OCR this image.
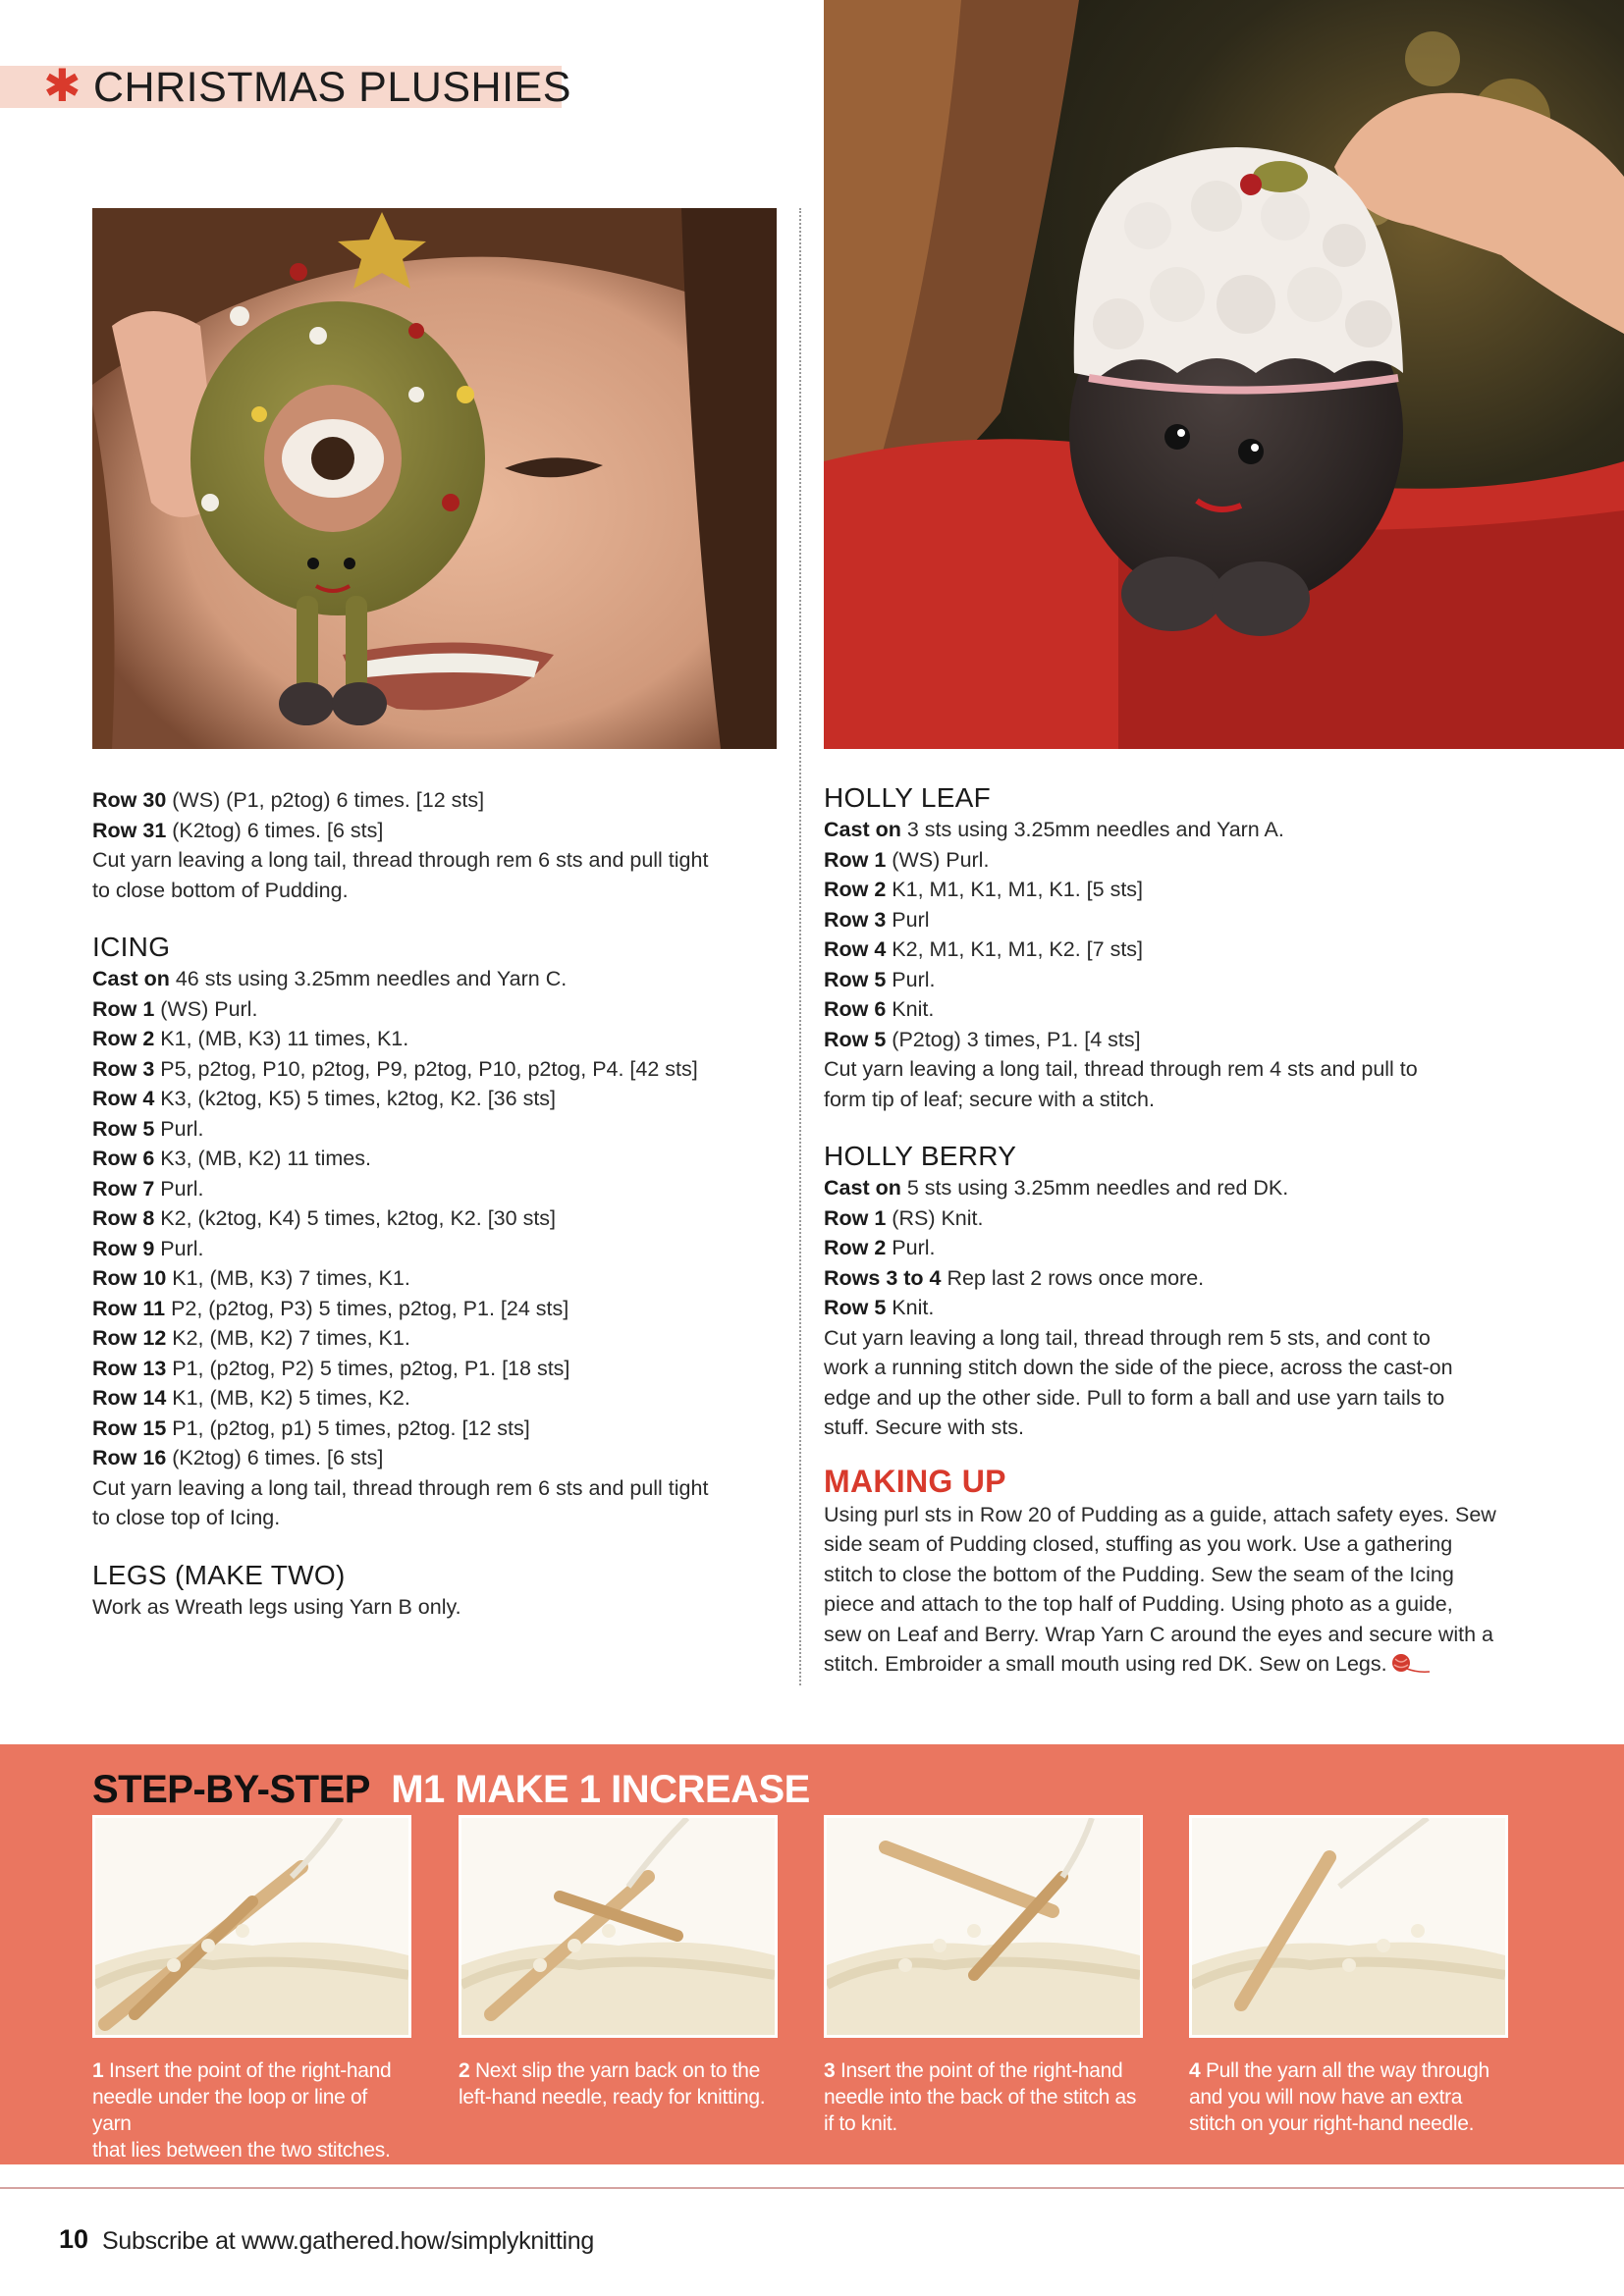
✱ CHRISTMAS PLUSHIES
Row 30 (WS) (P1, p2tog) 6 times. [12 sts]
Row 31 (K2tog) 6 times. [6 sts]
Cut yarn leaving a long tail, thread through rem 6 sts and pull tight
to close bottom of Pudding.
ICING
Cast on 46 sts using 3.25mm needles and Yarn C.
Row 1 (WS) Purl.
Row 2 K1, (MB, K3) 11 times, K1.
Row 3 P5, p2tog, P10, p2tog, P9, p2tog, P10, p2tog, P4. [42 sts]
Row 4 K3, (k2tog, K5) 5 times, k2tog, K2. [36 sts]
Row 5 Purl.
Row 6 K3, (MB, K2) 11 times.
Row 7 Purl.
Row 8 K2, (k2tog, K4) 5 times, k2tog, K2. [30 sts]
Row 9 Purl.
Row 10 K1, (MB, K3) 7 times, K1.
Row 11 P2, (p2tog, P3) 5 times, p2tog, P1. [24 sts]
Row 12 K2, (MB, K2) 7 times, K1.
Row 13 P1, (p2tog, P2) 5 times, p2tog, P1. [18 sts]
Row 14 K1, (MB, K2) 5 times, K2.
Row 15 P1, (p2tog, p1) 5 times, p2tog. [12 sts]
Row 16 (K2tog) 6 times. [6 sts]
Cut yarn leaving a long tail, thread through rem 6 sts and pull tight
to close top of Icing.
LEGS (MAKE TWO)
Work as Wreath legs using Yarn B only.
HOLLY LEAF
Cast on 3 sts using 3.25mm needles and Yarn A.
Row 1 (WS) Purl.
Row 2 K1, M1, K1, M1, K1. [5 sts]
Row 3 Purl
Row 4 K2, M1, K1, M1, K2. [7 sts]
Row 5 Purl.
Row 6 Knit.
Row 5 (P2tog) 3 times, P1. [4 sts]
Cut yarn leaving a long tail, thread through rem 4 sts and pull to
form tip of leaf; secure with a stitch.
HOLLY BERRY
Cast on 5 sts using 3.25mm needles and red DK.
Row 1 (RS) Knit.
Row 2 Purl.
Rows 3 to 4 Rep last 2 rows once more.
Row 5 Knit.
Cut yarn leaving a long tail, thread through rem 5 sts, and cont to
work a running stitch down the side of the piece, across the cast-on
edge and up the other side. Pull to form a ball and use yarn tails to
stuff. Secure with sts.
MAKING UP
Using purl sts in Row 20 of Pudding as a guide, attach safety eyes. Sew
side seam of Pudding closed, stuffing as you work. Use a gathering
stitch to close the bottom of the Pudding. Sew the seam of the Icing
piece and attach to the top half of Pudding. Using photo as a guide,
sew on Leaf and Berry. Wrap Yarn C around the eyes and secure with a
stitch. Embroider a small mouth using red DK. Sew on Legs.
STEP-BY-STEP M1 MAKE 1 INCREASE
1 Insert the point of the right-hand
needle under the loop or line of yarn
that lies between the two stitches.
2 Next slip the yarn back on to the
left-hand needle, ready for knitting.
3 Insert the point of the right-hand
needle into the back of the stitch as
if to knit.
4 Pull the yarn all the way through
and you will now have an extra
stitch on your right-hand needle.
10 Subscribe at www.gathered.how/simplyknitting
